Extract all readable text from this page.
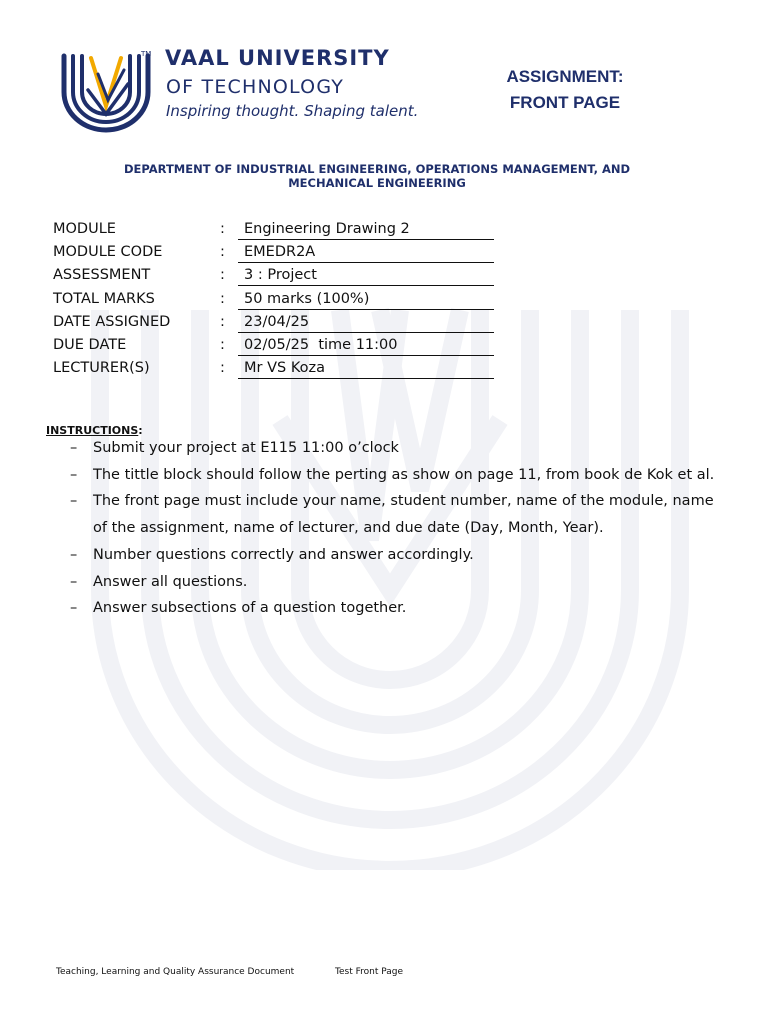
TM VAAL UNIVERSITY
OF TECHNOLOGY
Inspiring thought. Shaping talent.
ASSIGNMENT:
FRONT PAGE
DEPARTMENT OF INDUSTRIAL ENGINEERING, OPERATIONS MANAGEMENT, AND
MECHANICAL ENGINEERING
MODULE	:	Engineering Drawing 2
MODULE CODE	:	EMEDR2A
ASSESSMENT	:	3 : Project
TOTAL MARKS	:	50 marks (100%)
DATE ASSIGNED	:	23/04/25
DUE DATE	:	02/05/25  time 11:00
LECTURER(S)	:	Mr VS Koza
INSTRUCTIONS:
– Submit your project at E115 11:00 o’clock
– The tittle block should follow the perting as show on page 11, from book de Kok et al.
– The front page must include your name, student number, name of the module, name of the assignment, name of lecturer, and due date (Day, Month, Year).
– Number questions correctly and answer accordingly.
– Answer all questions.
– Answer subsections of a question together.
Teaching, Learning and Quality Assurance Document	Test Front Page
